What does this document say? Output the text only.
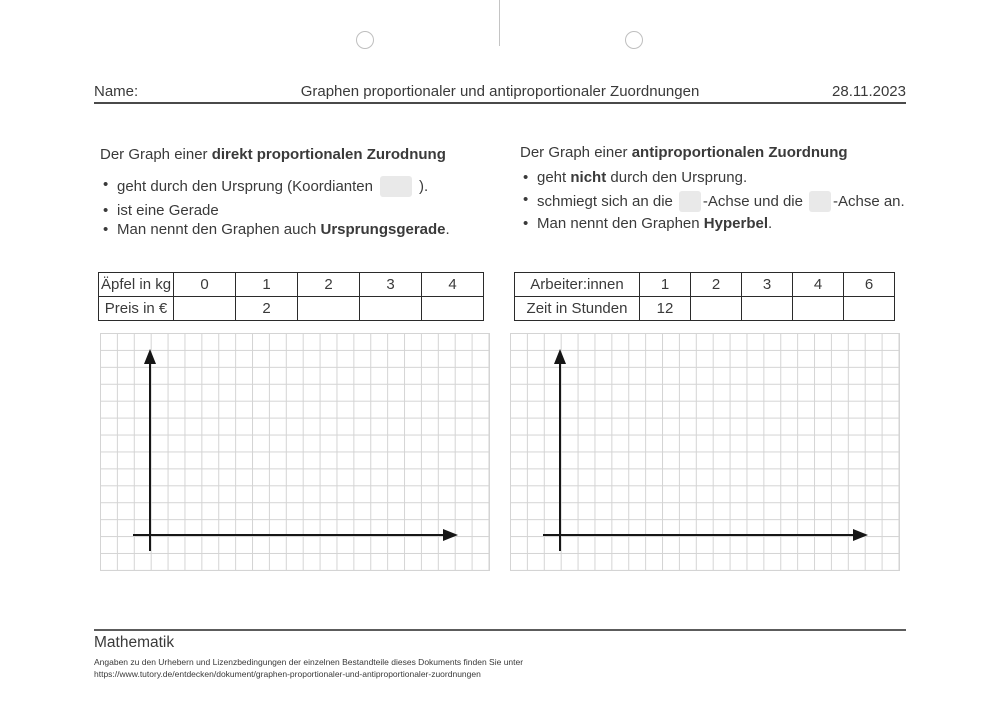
Name:	Graphen proportionaler und antiproportionaler Zuordnungen	28.11.2023

Der Graph einer direkt proportionalen Zurodnung

• geht durch den Ursprung (Koordianten	).
• ist eine Gerade
• Man nennt den Graphen auch Ursprungsgerade.

Der Graph einer antiproportionalen Zuordnung

• geht nicht durch den Ursprung.
• schmiegt sich an die -Achse und die -Achse an.
• Man nennt den Graphen Hyperbel.
Äpfel in kg	0	1	2	3	4
Preis in €		2			
Arbeiter:innen	1	2	3	4	6
Zeit in Stunden	12				
Mathematik
Angaben zu den Urhebern und Lizenzbedingungen der einzelnen Bestandteile dieses Dokuments finden Sie unter
https://www.tutory.de/entdecken/dokument/graphen-proportionaler-und-antiproportionaler-zuordnungen
